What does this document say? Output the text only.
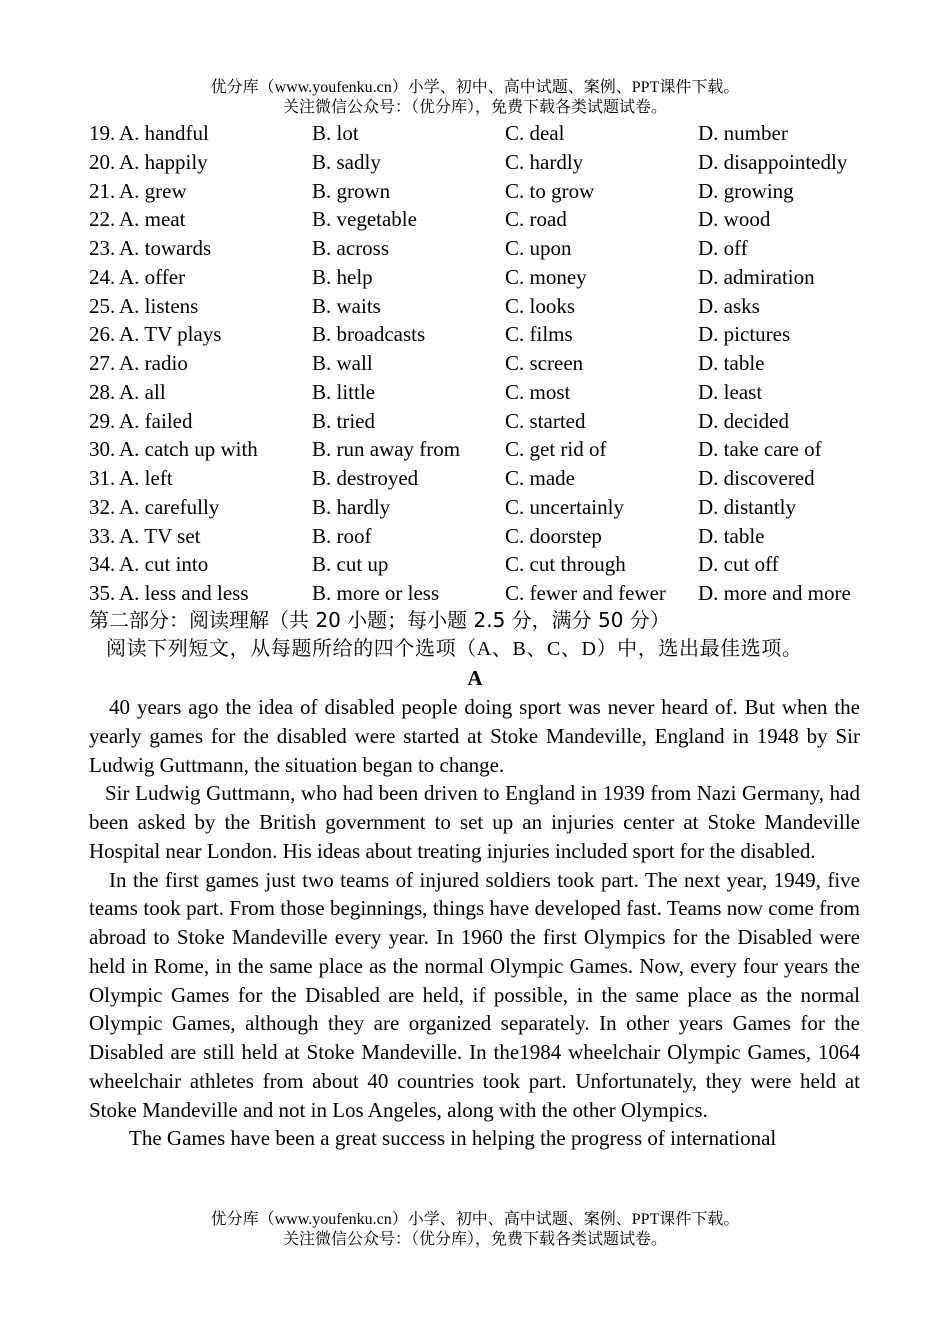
优分库（www.youfenku.cn）小学、初中、高中试题、案例、PPT课件下载。
关注微信公众号：（优分库），免费下载各类试题试卷。
19. A. handful	B. lot	C. deal	D. number
20. A. happily	B. sadly	C. hardly	D. disappointedly
21. A. grew	B. grown	C. to grow	D. growing
22. A. meat	B. vegetable	C. road	D. wood
23. A. towards	B. across	C. upon	D. off
24. A. offer	B. help	C. money	D. admiration
25. A. listens	B. waits	C. looks	D. asks
26. A. TV plays	B. broadcasts	C. films	D. pictures
27. A. radio	B. wall	C. screen	D. table
28. A. all	B. little	C. most	D. least
29. A. failed	B. tried	C. started	D. decided
30. A. catch up with	B. run away from	C. get rid of	D. take care of
31. A. left	B. destroyed	C. made	D. discovered
32. A. carefully	B. hardly	C. uncertainly	D. distantly
33. A. TV set	B. roof	C. doorstep	D. table
34. A. cut into	B. cut up	C. cut through	D. cut off
35. A. less and less	B. more or less	C. fewer and fewer	D. more and more
第二部分：阅读理解（共 20 小题；每小题 2.5 分，满分 50 分）
阅读下列短文，从每题所给的四个选项（A、B、C、D）中，选出最佳选项。
A

40 years ago the idea of disabled people doing sport was never heard of. But when the yearly games for the disabled were started at Stoke Mandeville, England in 1948 by Sir Ludwig Guttmann, the situation began to change.

Sir Ludwig Guttmann, who had been driven to England in 1939 from Nazi Germany, had been asked by the British government to set up an injuries center at Stoke Mandeville Hospital near London. His ideas about treating injuries included sport for the disabled.

In the first games just two teams of injured soldiers took part. The next year, 1949, five teams took part. From those beginnings, things have developed fast. Teams now come from abroad to Stoke Mandeville every year. In 1960 the first Olympics for the Disabled were held in Rome, in the same place as the normal Olympic Games. Now, every four years the Olympic Games for the Disabled are held, if possible, in the same place as the normal Olympic Games, although they are organized separately. In other years Games for the Disabled are still held at Stoke Mandeville. In the1984 wheelchair Olympic Games, 1064 wheelchair athletes from about 40 countries took part. Unfortunately, they were held at Stoke Mandeville and not in Los Angeles, along with the other Olympics.

The Games have been a great success in helping the progress of international

优分库（www.youfenku.cn）小学、初中、高中试题、案例、PPT课件下载。
关注微信公众号：（优分库），免费下载各类试题试卷。
